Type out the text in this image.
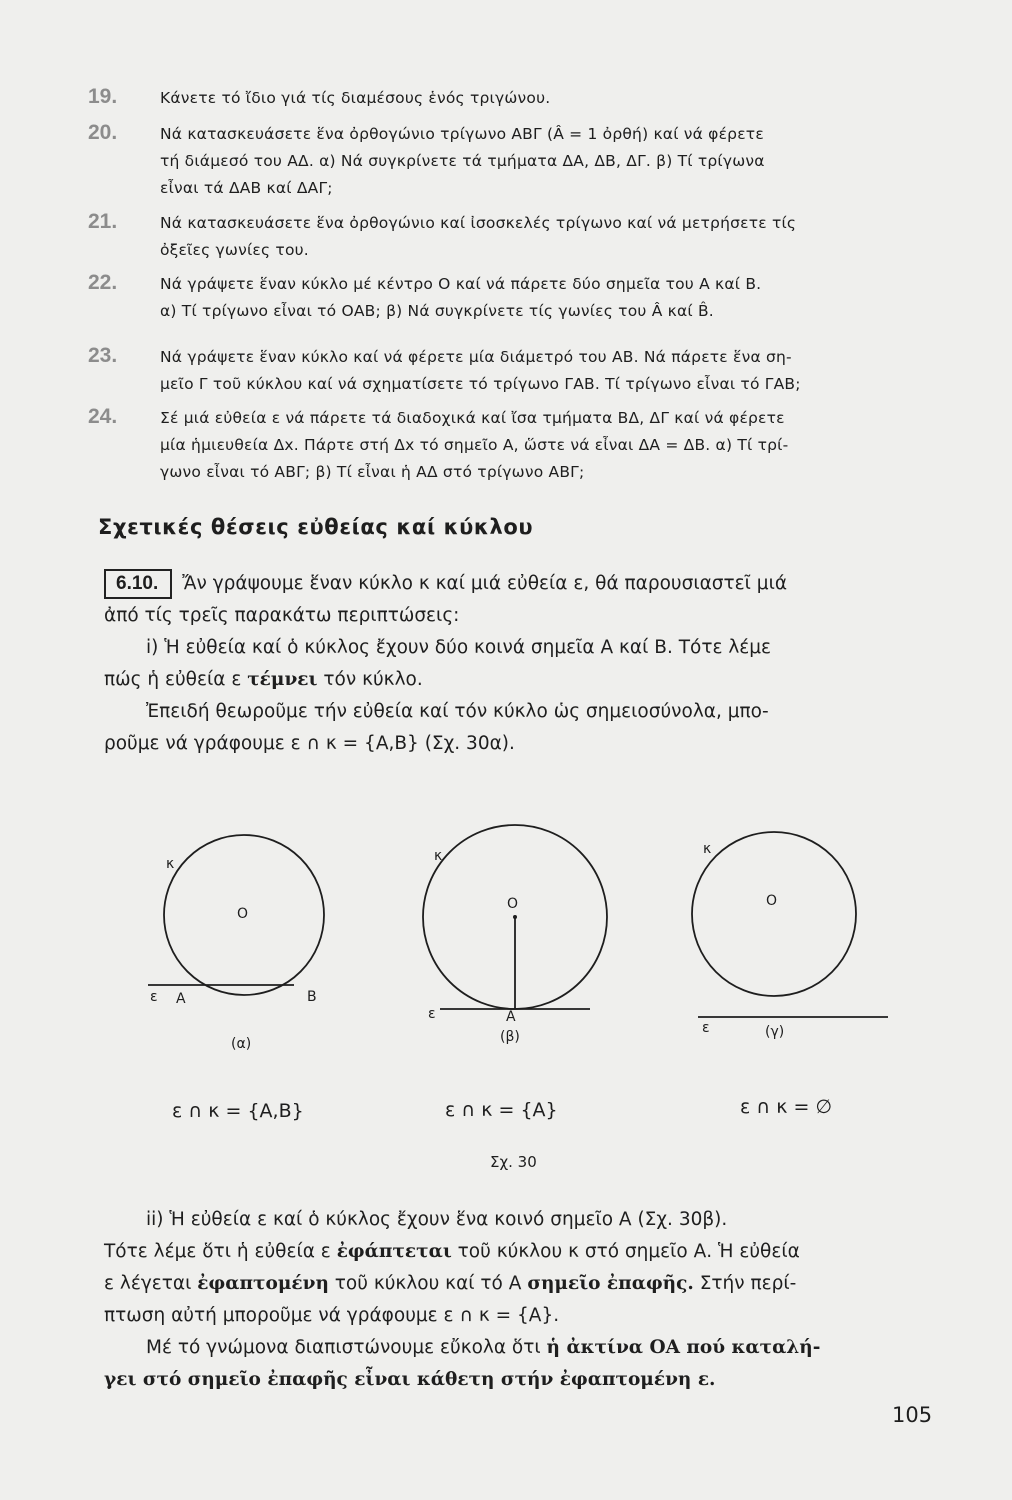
19.	Κάνετε τό ἴδιο γιά τίς διαμέσους ἑνός τριγώνου.

20.	Νά κατασκευάσετε ἕνα ὀρθογώνιο τρίγωνο ΑΒΓ (Â = 1 ὀρθή) καί νά φέρετε

τή διάμεσό του ΑΔ. α) Νά συγκρίνετε τά τμήματα ΔΑ, ΔΒ, ΔΓ. β) Τί τρίγωνα

εἶναι τά ΔΑΒ καί ΔΑΓ;

21.	Νά κατασκευάσετε ἕνα ὀρθογώνιο καί ἰσοσκελές τρίγωνο καί νά μετρήσετε τίς

ὀξεῖες γωνίες του.

22.	Νά γράψετε ἕναν κύκλο μέ κέντρο Ο καί νά πάρετε δύο σημεῖα του Α καί Β.

α) Τί τρίγωνο εἶναι τό ΟΑΒ; β) Νά συγκρίνετε τίς γωνίες του Â καί B̂.

23.	Νά γράψετε ἕναν κύκλο καί νά φέρετε μία διάμετρό του ΑΒ. Νά πάρετε ἕνα ση-

μεῖο Γ τοῦ κύκλου καί νά σχηματίσετε τό τρίγωνο ΓΑΒ. Τί τρίγωνο εἶναι τό ΓΑΒ;

24.	Σέ μιά εὐθεία ε νά πάρετε τά διαδοχικά καί ἴσα τμήματα ΒΔ, ΔΓ καί νά φέρετε

μία ἡμιευθεία Δx. Πάρτε στή Δx τό σημεῖο Α, ὥστε νά εἶναι ΔΑ = ΔΒ. α) Τί τρί-

γωνο εἶναι τό ΑΒΓ; β) Τί εἶναι ἡ ΑΔ στό τρίγωνο ΑΒΓ;

Σχετικές θέσεις εὐθείας καί κύκλου

6.10. Ἄν γράψουμε ἕναν κύκλο κ καί μιά εὐθεία ε, θά παρουσιαστεῖ μιά

ἀπό τίς τρεῖς παρακάτω περιπτώσεις:

i) Ἡ εὐθεία καί ὁ κύκλος ἔχουν δύο κοινά σημεῖα Α καί Β. Τότε λέμε

πώς ἡ εὐθεία ε τέμνει τόν κύκλο.

Ἐπειδή θεωροῦμε τήν εὐθεία καί τόν κύκλο ὡς σημειοσύνολα, μπο-

ροῦμε νά γράφουμε ε ∩ κ = {Α,Β} (Σχ. 30α).

κ
O
ε Α	Β
(α)
ε ∩ κ = {Α,Β}
κ
O
ε	Α
(β)
ε ∩ κ = {Α}
κ
O
ε	(γ)
ε ∩ κ = ∅
Σχ. 30

ii) Ἡ εὐθεία ε καί ὁ κύκλος ἔχουν ἕνα κοινό σημεῖο Α (Σχ. 30β).

Τότε λέμε ὅτι ἡ εὐθεία ε ἐφάπτεται τοῦ κύκλου κ στό σημεῖο Α. Ἡ εὐθεία

ε λέγεται ἐφαπτομένη τοῦ κύκλου καί τό Α σημεῖο ἐπαφῆς. Στήν περί-

πτωση αὐτή μποροῦμε νά γράφουμε ε ∩ κ = {Α}.

Μέ τό γνώμονα διαπιστώνουμε εὔκολα ὅτι ἡ ἀκτίνα ΟΑ πού καταλή-

γει στό σημεῖο ἐπαφῆς εἶναι κάθετη στήν ἐφαπτομένη ε.

105
